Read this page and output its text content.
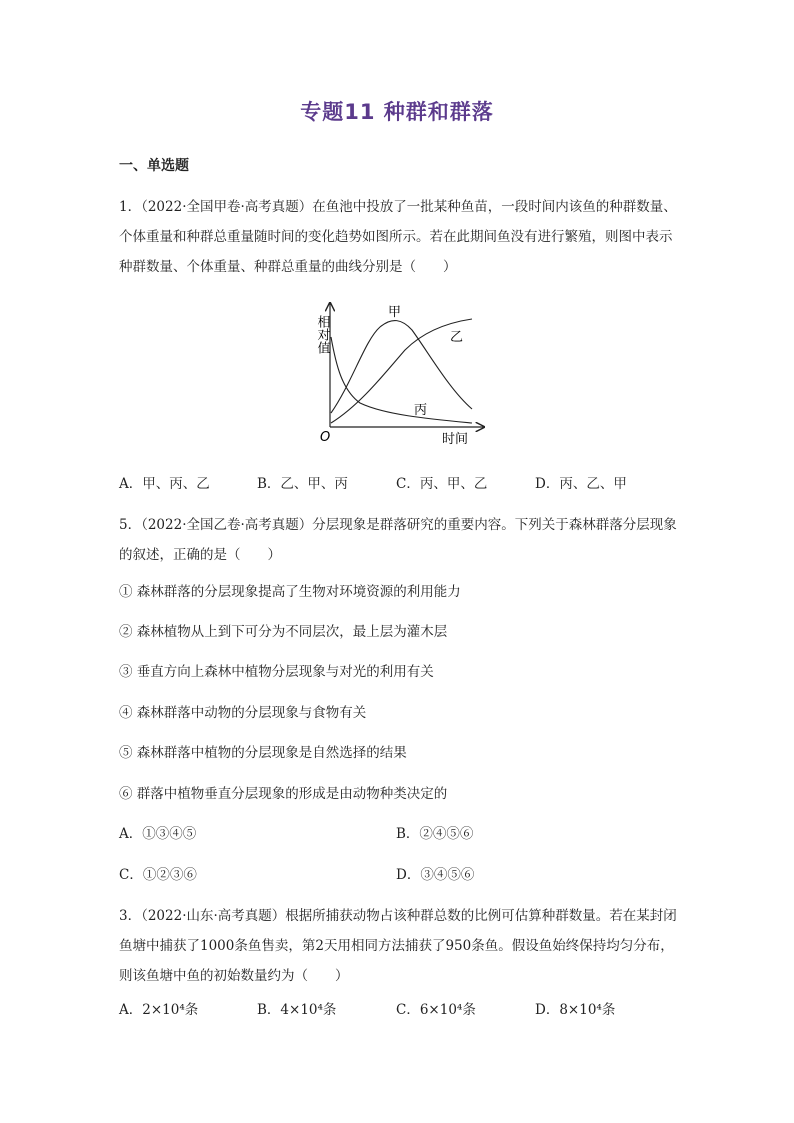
专题11 种群和群落
一、单选题
1．（2022·全国甲卷·高考真题）在鱼池中投放了一批某种鱼苗，一段时间内该鱼的种群数量、个体重量和种群总重量随时间的变化趋势如图所示。若在此期间鱼没有进行繁殖，则图中表示种群数量、个体重量、种群总重量的曲线分别是（　　）
甲
乙
丙
O	时间
相对值
A．甲、丙、乙	B．乙、甲、丙	C．丙、甲、乙	D．丙、乙、甲
5．（2022·全国乙卷·高考真题）分层现象是群落研究的重要内容。下列关于森林群落分层现象的叙述，正确的是（　　）
① 森林群落的分层现象提高了生物对环境资源的利用能力
② 森林植物从上到下可分为不同层次，最上层为灌木层
③ 垂直方向上森林中植物分层现象与对光的利用有关
④ 森林群落中动物的分层现象与食物有关
⑤ 森林群落中植物的分层现象是自然选择的结果
⑥ 群落中植物垂直分层现象的形成是由动物种类决定的
A．①③④⑤	B．②④⑤⑥
C．①②③⑥	D．③④⑤⑥
3．（2022·山东·高考真题）根据所捕获动物占该种群总数的比例可估算种群数量。若在某封闭鱼塘中捕获了1000条鱼售卖，第2天用相同方法捕获了950条鱼。假设鱼始终保持均匀分布，则该鱼塘中鱼的初始数量约为（　　）
A．2×10⁴条	B．4×10⁴条	C．6×10⁴条	D．8×10⁴条
